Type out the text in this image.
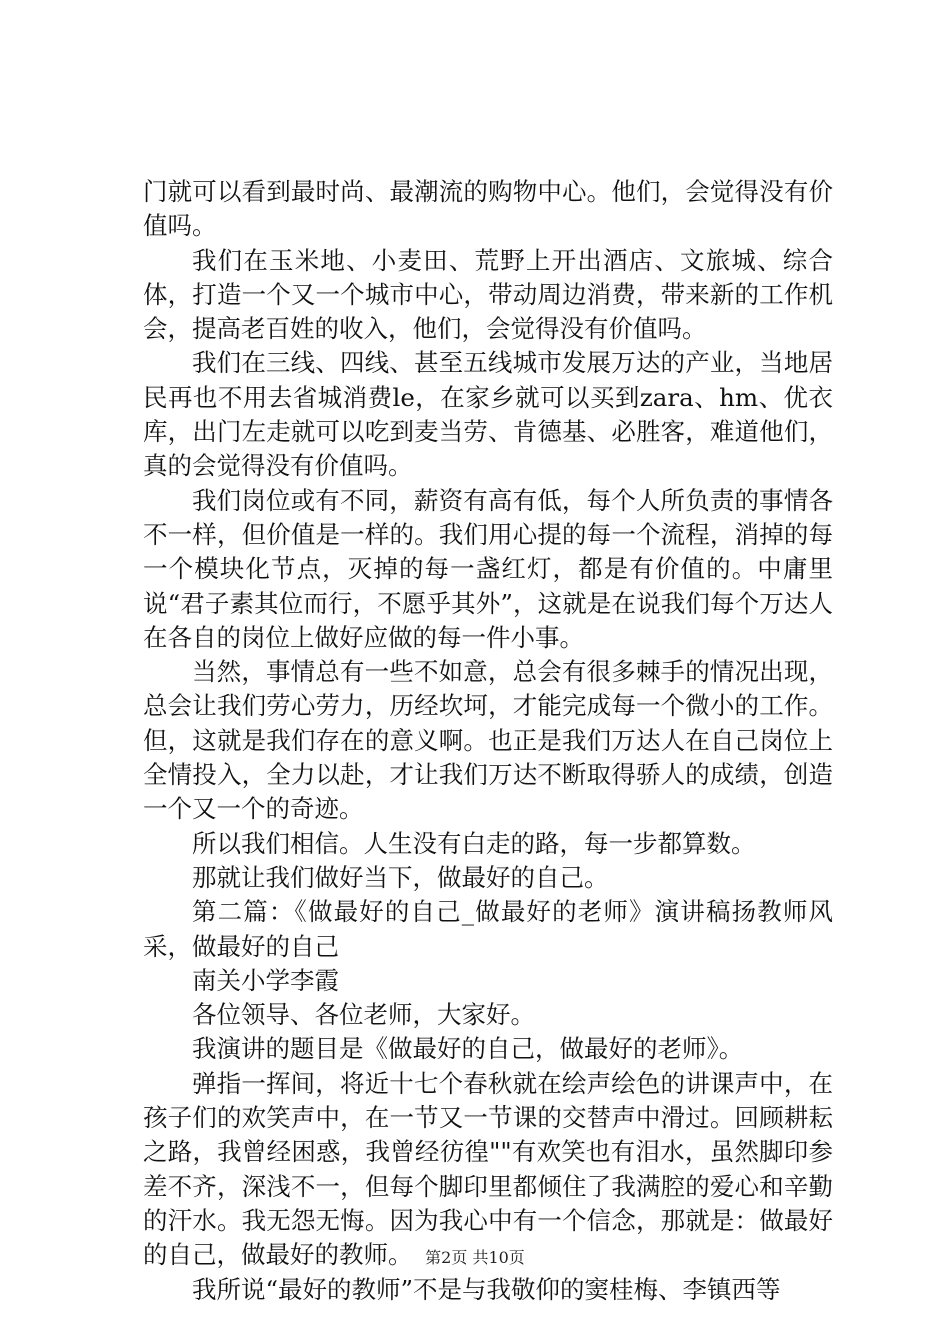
门就可以看到最时尚、最潮流的购物中心。他们，会觉得没有价值吗。

我们在玉米地、小麦田、荒野上开出酒店、文旅城、综合体，打造一个又一个城市中心，带动周边消费，带来新的工作机会，提高老百姓的收入，他们，会觉得没有价值吗。

我们在三线、四线、甚至五线城市发展万达的产业，当地居民再也不用去省城消费le，在家乡就可以买到zara、hm、优衣库，出门左走就可以吃到麦当劳、肯德基、必胜客，难道他们，真的会觉得没有价值吗。

我们岗位或有不同，薪资有高有低，每个人所负责的事情各不一样，但价值是一样的。我们用心提的每一个流程，消掉的每一个模块化节点，灭掉的每一盏红灯，都是有价值的。中庸里说“君子素其位而行，不愿乎其外”，这就是在说我们每个万达人在各自的岗位上做好应做的每一件小事。

当然，事情总有一些不如意，总会有很多棘手的情况出现，总会让我们劳心劳力，历经坎坷，才能完成每一个微小的工作。但，这就是我们存在的意义啊。也正是我们万达人在自己岗位上全情投入，全力以赴，才让我们万达不断取得骄人的成绩，创造一个又一个的奇迹。

所以我们相信。人生没有白走的路，每一步都算数。

那就让我们做好当下，做最好的自己。

第二篇：《做最好的自己_做最好的老师》演讲稿扬教师风采，做最好的自己

南关小学李霞

各位领导、各位老师，大家好。

我演讲的题目是《做最好的自己，做最好的老师》。

弹指一挥间，将近十七个春秋就在绘声绘色的讲课声中，在孩子们的欢笑声中，在一节又一节课的交替声中滑过。回顾耕耘之路，我曾经困惑，我曾经彷徨""有欢笑也有泪水，虽然脚印参差不齐，深浅不一，但每个脚印里都倾住了我满腔的爱心和辛勤的汗水。我无怨无悔。因为我心中有一个信念，那就是：做最好的自己，做最好的教师。

我所说“最好的教师”不是与我敬仰的窦桂梅、李镇西等

第2页 共10页
